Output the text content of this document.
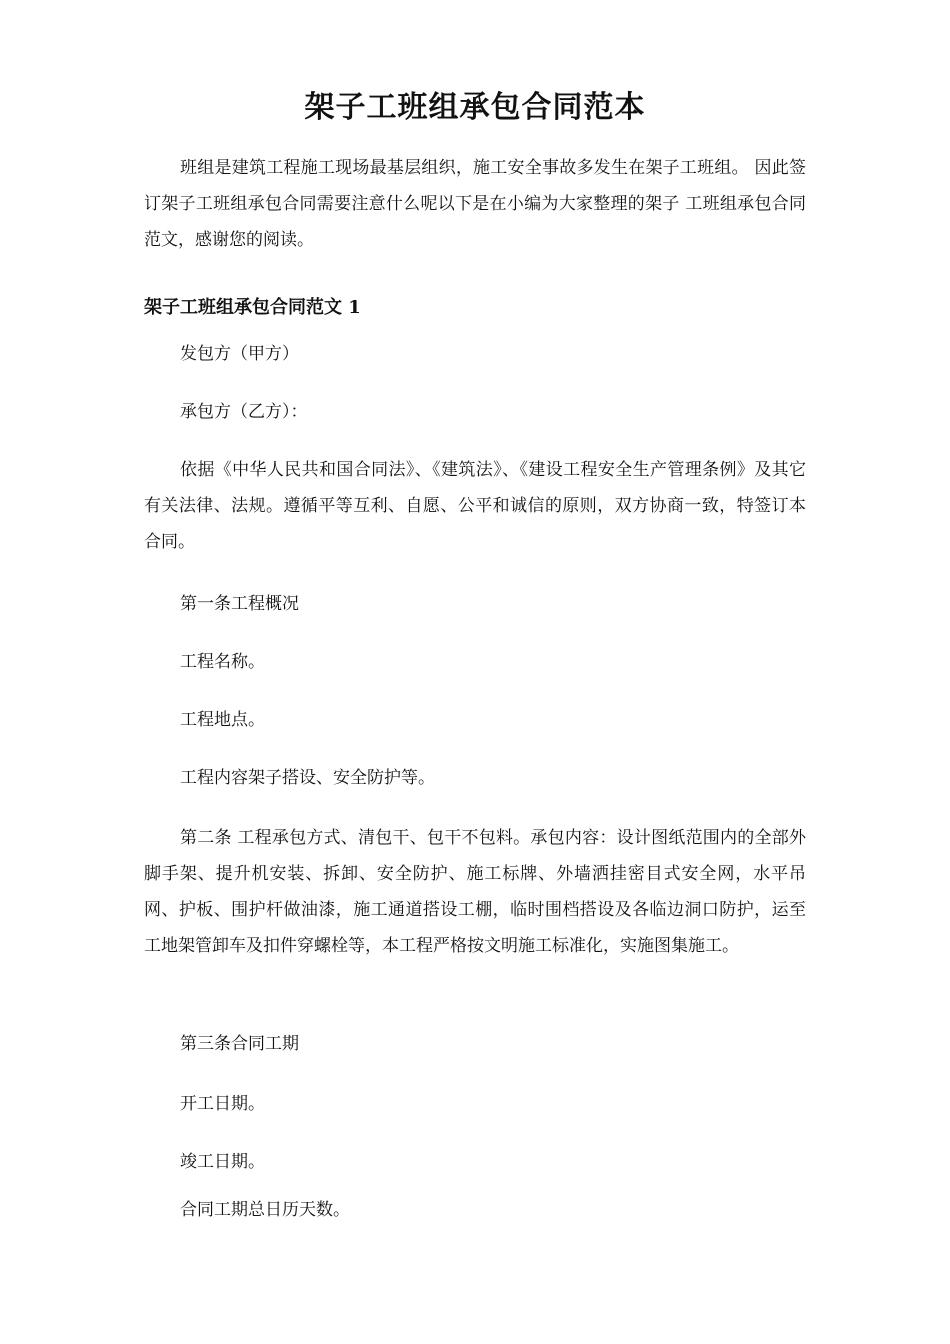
架子工班组承包合同范本
班组是建筑工程施工现场最基层组织，施工安全事故多发生在架子工班组。 因此签订架子工班组承包合同需要注意什么呢以下是在小编为大家整理的架子 工班组承包合同范文，感谢您的阅读。
架子工班组承包合同范文 1

发包方（甲方）

承包方（乙方）：

依据《中华人民共和国合同法》、《建筑法》、《建设工程安全生产管理条例》及其它有关法律、法规。遵循平等互利、自愿、公平和诚信的原则，双方协商一致，特签订本合同。

第一条工程概况

工程名称。

工程地点。

工程内容架子搭设、安全防护等。

第二条 工程承包方式、清包干、包干不包料。承包内容：设计图纸范围内的全部外脚手架、提升机安装、拆卸、安全防护、施工标牌、外墙洒挂密目式安全网，水平吊网、护板、围护杆做油漆，施工通道搭设工棚，临时围档搭设及各临边洞口防护，运至工地架管卸车及扣件穿螺栓等，本工程严格按文明施工标准化，实施图集施工。

第三条合同工期

开工日期。

竣工日期。

合同工期总日历天数。
